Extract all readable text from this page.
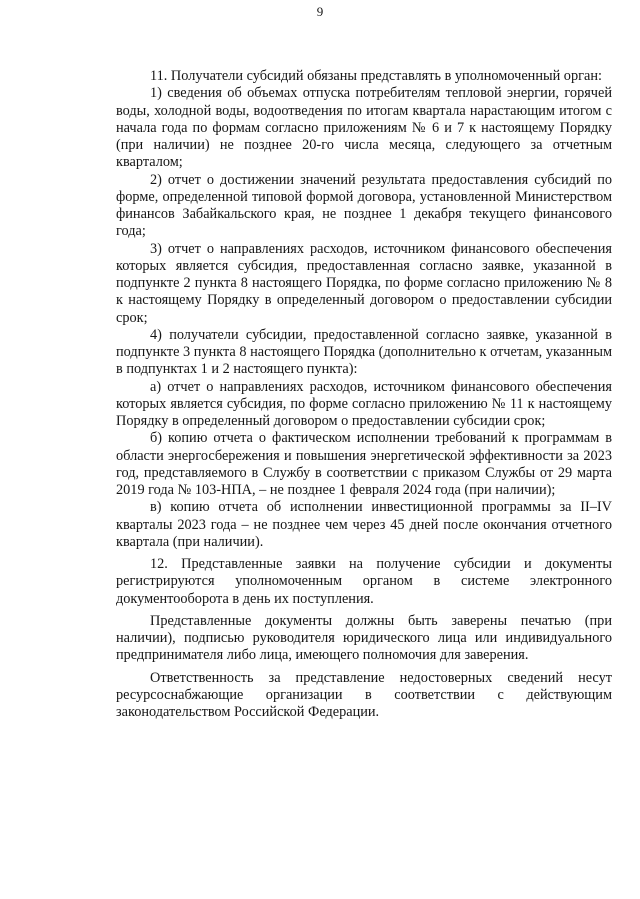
9

11. Получатели субсидий обязаны представлять в уполномоченный орган:

1) сведения об объемах отпуска потребителям тепловой энергии, горячей воды, холодной воды, водоотведения по итогам квартала нарастающим итогом с начала года по формам согласно приложениям № 6 и 7 к настоящему Порядку (при наличии) не позднее 20-го числа месяца, следующего за отчетным кварталом;

2) отчет о достижении значений результата предоставления субсидий по форме, определенной типовой формой договора, установленной Министерством финансов Забайкальского края, не позднее 1 декабря текущего финансового года;

3) отчет о направлениях расходов, источником финансового обеспечения которых является субсидия, предоставленная согласно заявке, указанной в подпункте 2 пункта 8 настоящего Порядка, по форме согласно приложению № 8 к настоящему Порядку в определенный договором о предоставлении субсидии срок;

4) получатели субсидии, предоставленной согласно заявке, указанной в подпункте 3 пункта 8 настоящего Порядка (дополнительно к отчетам, указанным в подпунктах 1 и 2 настоящего пункта):

а) отчет о направлениях расходов, источником финансового обеспечения которых является субсидия, по форме согласно приложению № 11 к настоящему Порядку в определенный договором о предоставлении субсидии срок;

б) копию отчета о фактическом исполнении требований к программам в области энергосбережения и повышения энергетической эффективности за 2023 год, представляемого в Службу в соответствии с приказом Службы от 29 марта 2019 года № 103-НПА, – не позднее 1 февраля 2024 года (при наличии);

в) копию отчета об исполнении инвестиционной программы за II–IV кварталы 2023 года – не позднее чем через 45 дней после окончания отчетного квартала (при наличии).

12. Представленные заявки на получение субсидии и документы регистрируются уполномоченным органом в системе электронного документооборота в день их поступления.

Представленные документы должны быть заверены печатью (при наличии), подписью руководителя юридического лица или индивидуального предпринимателя либо лица, имеющего полномочия для заверения.

Ответственность за представление недостоверных сведений несут ресурсоснабжающие организации в соответствии с действующим законодательством Российской Федерации.
